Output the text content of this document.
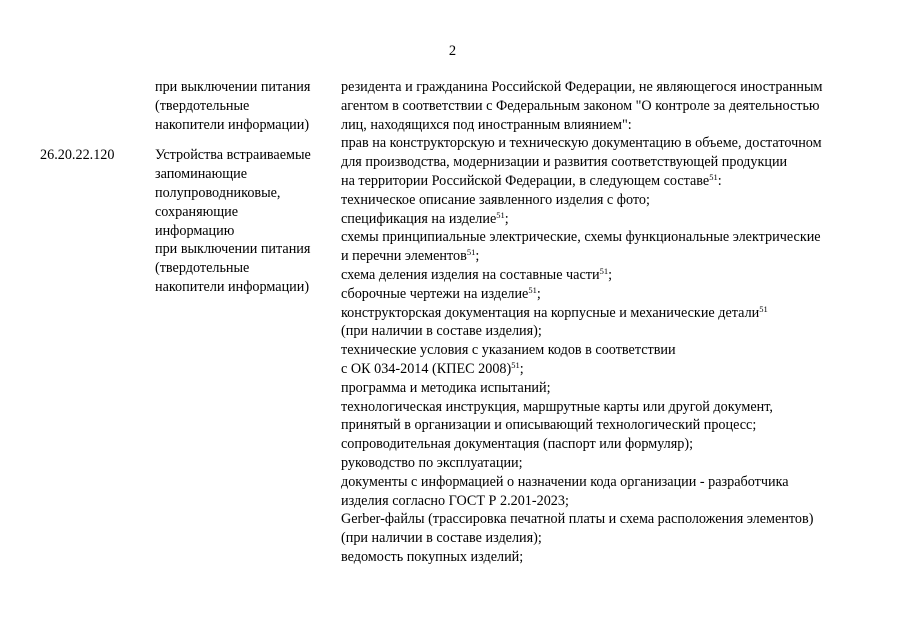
2
при выключении питания
(твердотельные
накопители информации)
26.20.22.120	Устройства встраиваемые
запоминающие
полупроводниковые,
сохраняющие
информацию
при выключении питания
(твердотельные
накопители информации)
резидента и гражданина Российской Федерации, не являющегося иностранным
агентом в соответствии с Федеральным законом "О контроле за деятельностью
лиц, находящихся под иностранным влиянием":
прав на конструкторскую и техническую документацию в объеме, достаточном
для производства, модернизации и развития соответствующей продукции
на территории Российской Федерации, в следующем составе$^{51}$:
техническое описание заявленного изделия с фото;
спецификация на изделие$^{51}$;
схемы принципиальные электрические, схемы функциональные электрические
и перечни элементов$^{51}$;
схема деления изделия на составные части$^{51}$;
сборочные чертежи на изделие$^{51}$;
конструкторская документация на корпусные и механические детали$^{51}$
(при наличии в составе изделия);
технические условия с указанием кодов в соответствии
с ОК 034-2014 (КПЕС 2008)$^{51}$;
программа и методика испытаний;
технологическая инструкция, маршрутные карты или другой документ,
принятый в организации и описывающий технологический процесс;
сопроводительная документация (паспорт или формуляр);
руководство по эксплуатации;
документы с информацией о назначении кода организации - разработчика
изделия согласно ГОСТ Р 2.201-2023;
Gerber-файлы (трассировка печатной платы и схема расположения элементов)
(при наличии в составе изделия);
ведомость покупных изделий;
